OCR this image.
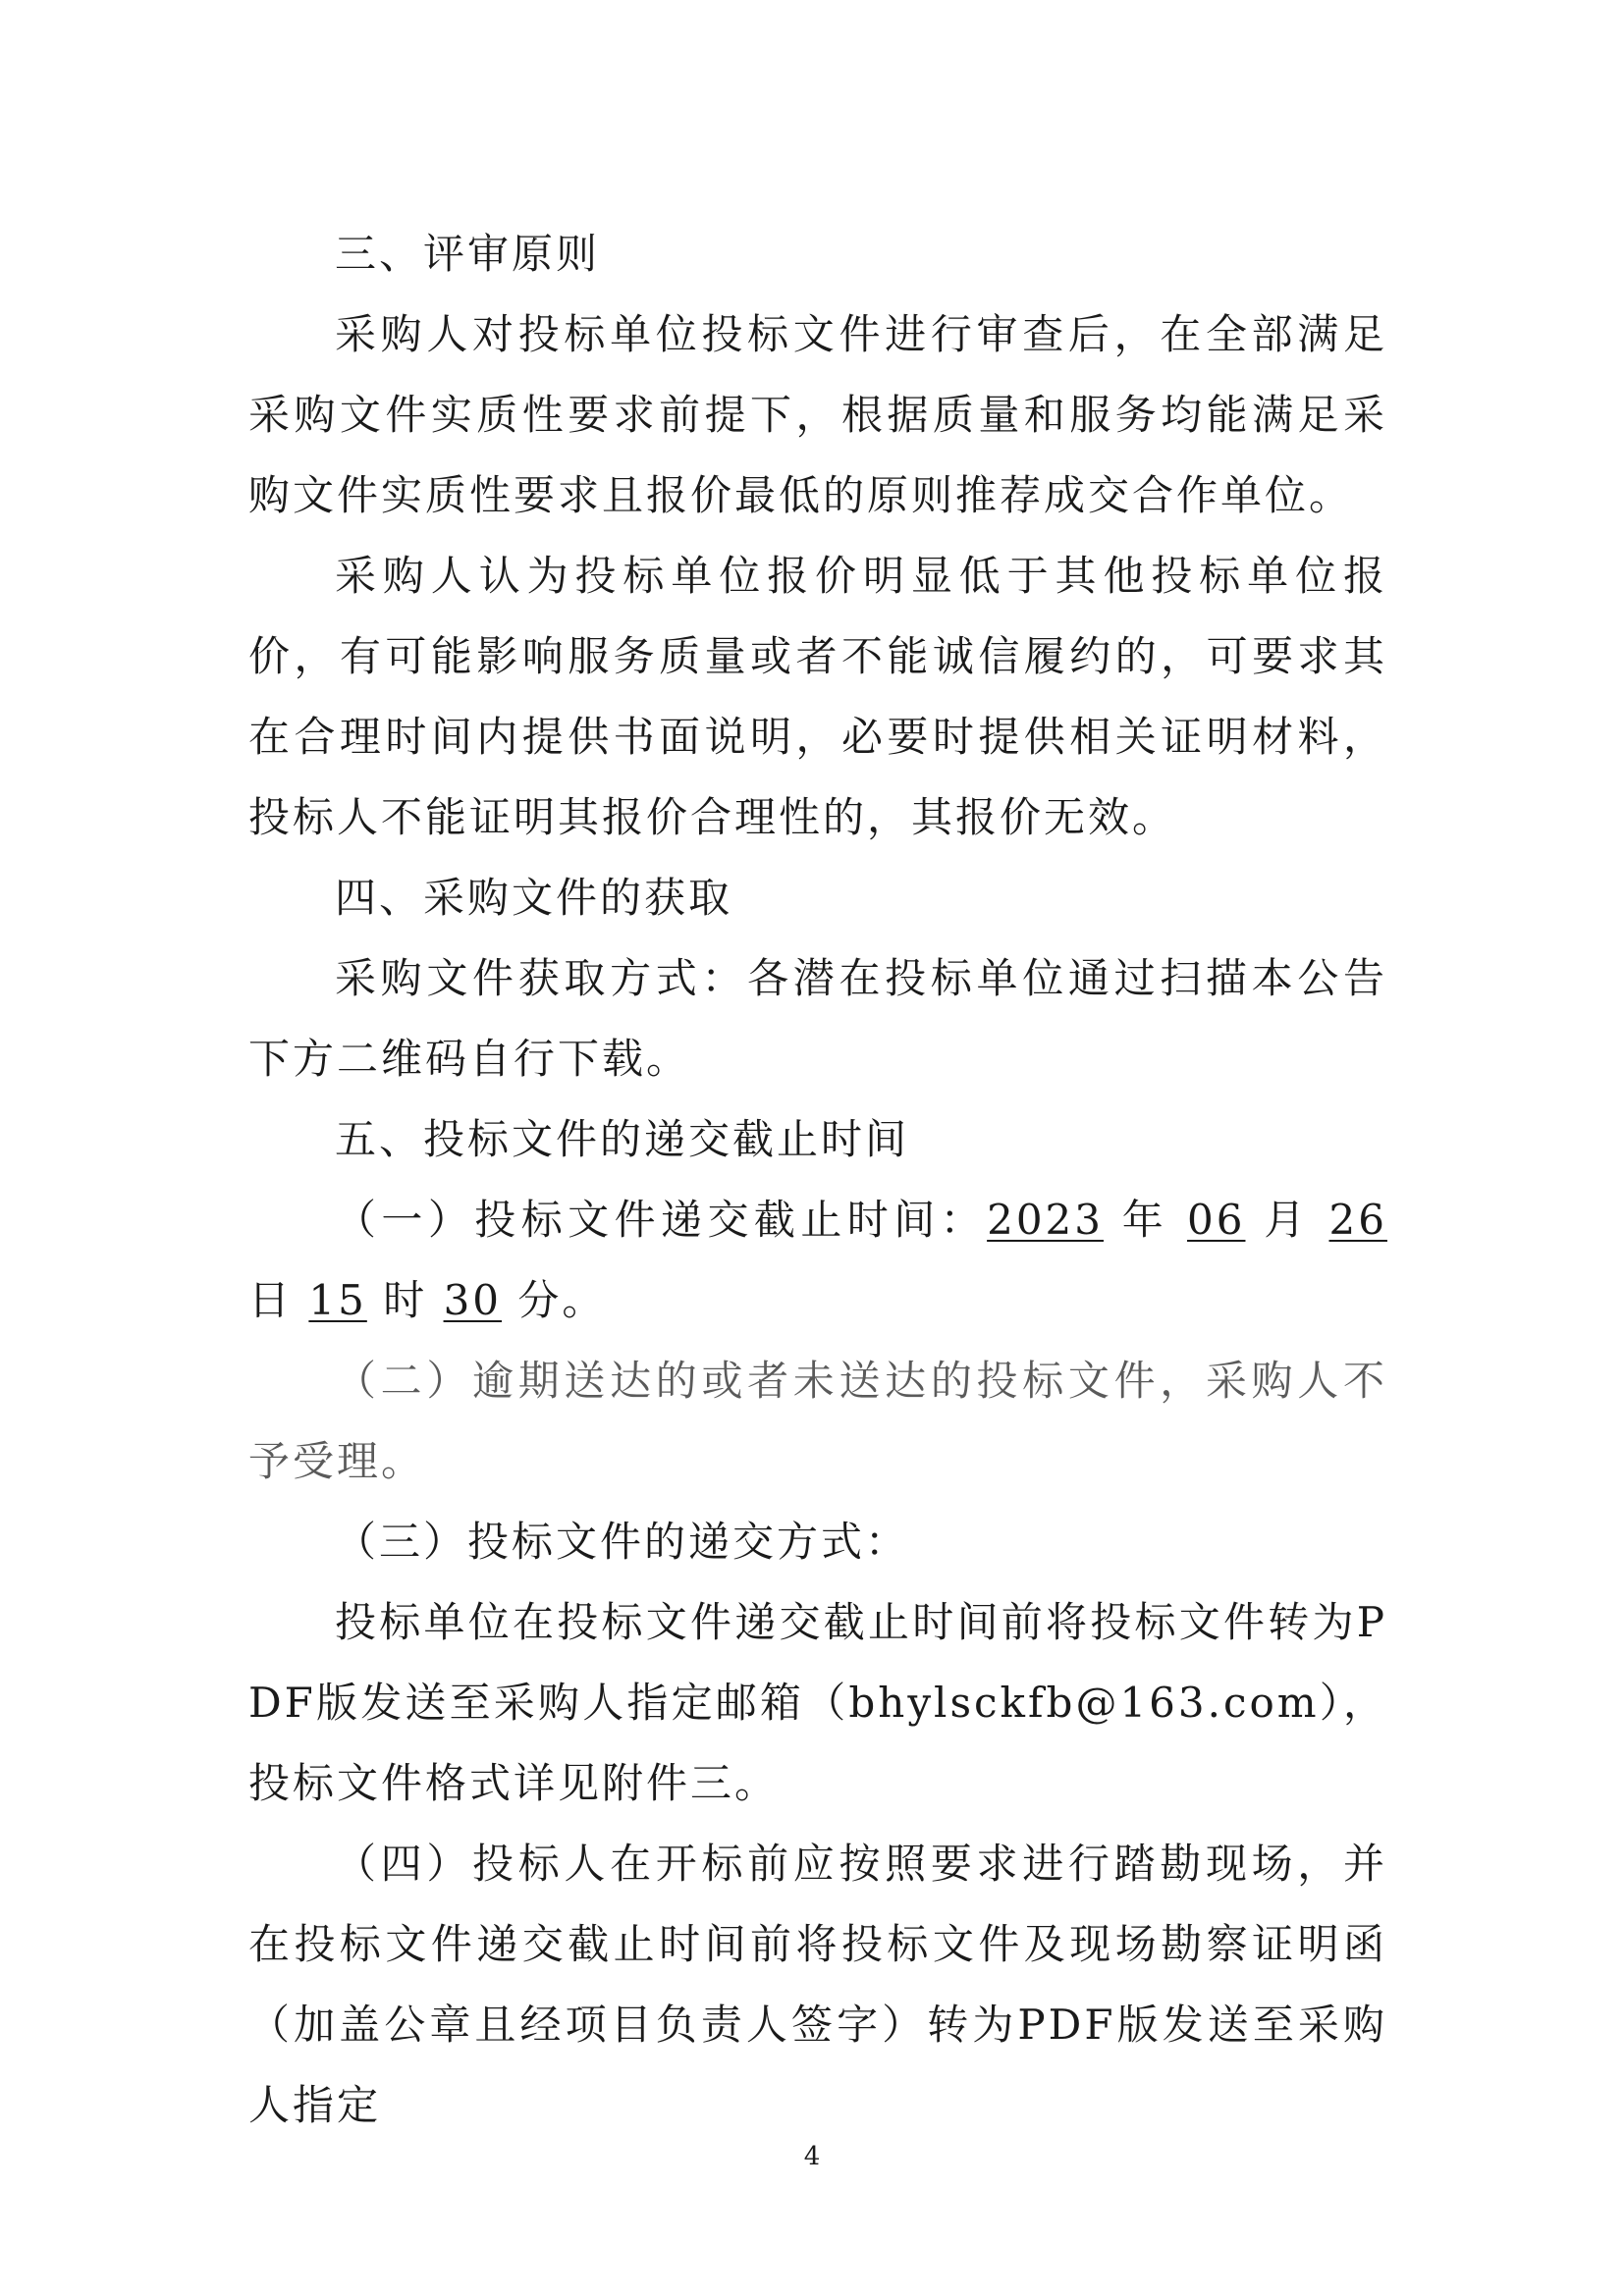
三、评审原则

采购人对投标单位投标文件进行审查后，在全部满足采购文件实质性要求前提下，根据质量和服务均能满足采购文件实质性要求且报价最低的原则推荐成交合作单位。

采购人认为投标单位报价明显低于其他投标单位报价，有可能影响服务质量或者不能诚信履约的，可要求其在合理时间内提供书面说明，必要时提供相关证明材料，投标人不能证明其报价合理性的，其报价无效。

四、采购文件的获取

采购文件获取方式：各潜在投标单位通过扫描本公告下方二维码自行下载。

五、投标文件的递交截止时间

（一）投标文件递交截止时间：2023 年 06 月 26 日 15 时 30 分。

（二）逾期送达的或者未送达的投标文件，采购人不予受理。

（三）投标文件的递交方式：

投标单位在投标文件递交截止时间前将投标文件转为PDF版发送至采购人指定邮箱（bhylsckfb@163.com），投标文件格式详见附件三。

（四）投标人在开标前应按照要求进行踏勘现场，并在投标文件递交截止时间前将投标文件及现场勘察证明函（加盖公章且经项目负责人签字）转为PDF版发送至采购人指定

4
